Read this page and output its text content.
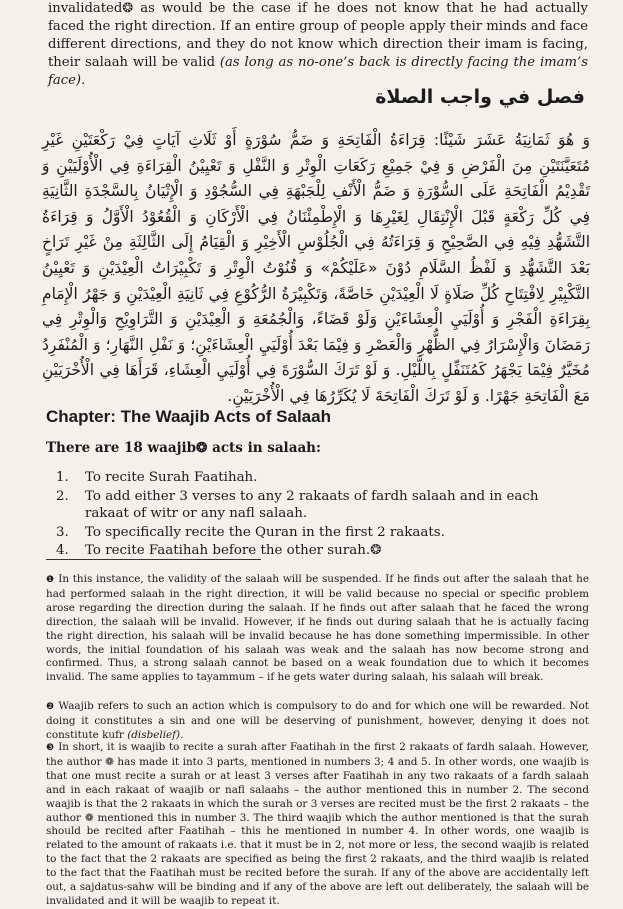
invalidated❂ as would be the case if he does not know that he had actually faced the right direction. If an entire group of people apply their minds and face different directions, and they do not know which direction their imam is facing, their salaah will be valid (as long as no-one’s back is directly facing the imam’s face).

فصل في واجب الصلاة
وَ هُوَ ثَمَانِيَةُ عَشَرَ شَيْئًا: قِرَاءَةُ الْفَاتِحَةِ وَ ضَمُّ سُوْرَةٍ أَوْ ثَلَاثِ آيَاتٍ فِيْ رَكْعَتَيْنِ غَيْرِ مُتَعَيَّنَتَيْنِ مِنَ الْفَرْضِ وَ فِيْ جَمِيْعِ رَكَعَاتِ الْوِتْرِ وَ النَّفْلِ وَ تَعْيِيْنُ الْقِرَاءَةِ فِي الْأُوْلَيَيْنِ وَ تَقْدِيْمُ الْفَاتِحَةِ عَلَى السُّوْرَةِ وَ ضَمُّ الْأَنْفِ لِلْجَبْهَةِ فِي السُّجُوْدِ وَ الْإِتْيَانُ بِالسَّجْدَةِ الثَّانِيَةِ فِي كُلِّ رَكْعَةٍ قَبْلَ الْإِنْتِقَالِ لِغَيْرِهَا وَ الْإِطْمِئْنَانُ فِي الْأَرْكَانِ وَ الْقُعُوْدُ الْأَوَّلُ وَ قِرَاءَةُ التَّشَهُّدِ فِيْهِ فِي الصَّحِيْحِ وَ قِرَاءَتُهُ فِي الْجُلُوْسِ الْأَخِيْرِ وَ الْقِيَامُ إِلَى الثَّالِثَةِ مِنْ غَيْرِ تَرَاخٍ بَعْدَ التَّشَهُّدِ وَ لَفْظُ السَّلَامِ دُوْنَ «عَلَيْكُمْ» وَ قُنُوْتُ الْوِتْرِ وَ تَكْبِيْرَاتُ الْعِيْدَيْنِ وَ تَعْيِيْنُ التَّكْبِيْرِ لِافْتِتَاحِ كُلِّ صَلَاةٍ لَا الْعِيْدَيْنِ خَاصَّةً، وَتَكْبِيْرَةُ الرُّكُوْعِ فِي ثَانِيَةِ الْعِيْدَيْنِ وَ جَهْرُ الْإِمَامِ بِقِرَاءَةِ الْفَجْرِ وَ أُوْلَيَيِ الْعِشَاءَيْنِ وَلَوْ قَضَاءً، وَالْجُمُعَةِ وَ الْعِيْدَيْنِ وَ التَّرَاوِيْحِ وَالْوِتْرِ فِي رَمَضَانَ وَالْإِسْرَارُ فِي الظُّهْرِ وَالْعَصْرِ وَ فِيْمَا بَعْدَ أُوْلَيَيِ الْعِشَاءَيْنِ؛ وَ نَفْلِ النَّهَارِ؛ وَ الْمُنْفَرِدُ مُخَيَّرٌ فِيْمَا يَجْهَرُ كَمُتَنَفِّلٍ بِاللَّيْلِ. وَ لَوْ تَرَكَ السُّوْرَةَ فِي أُوْلَيَيِ الْعِشَاءِ، قَرَأَهَا فِي الْأُخْرَيَيْنِ مَعَ الْفَاتِحَةِ جَهْرًا. وَ لَوْ تَرَكَ الْفَاتِحَةَ لَا يُكَرِّرُهَا فِي الْأُخْرَيَيْنِ.
Chapter: The Waajib Acts of Salaah
There are 18 waajib❂ acts in salaah:
1.	To recite Surah Faatihah.
2.	To add either 3 verses to any 2 rakaats of fardh salaah and in each rakaat of witr or any nafl salaah.
3.	To specifically recite the Quran in the first 2 rakaats.
4.	To recite Faatihah before the other surah.❂

❶ In this instance, the validity of the salaah will be suspended. If he finds out after the salaah that he had performed salaah in the right direction, it will be valid because no special or specific problem arose regarding the direction during the salaah. If he finds out after salaah that he faced the wrong direction, the salaah will be invalid. However, if he finds out during salaah that he is actually facing the right direction, his salaah will be invalid because he has done something impermissible. In other words, the initial foundation of his salaah was weak and the salaah has now become strong and confirmed. Thus, a strong salaah cannot be based on a weak foundation due to which it becomes invalid. The same applies to tayammum – if he gets water during salaah, his salaah will break.

❷ Waajib refers to such an action which is compulsory to do and for which one will be rewarded. Not doing it constitutes a sin and one will be deserving of punishment, however, denying it does not constitute kufr (disbelief).

❸ In short, it is waajib to recite a surah after Faatihah in the first 2 rakaats of fardh salaah. However, the author ❁ has made it into 3 parts, mentioned in numbers 3; 4 and 5. In other words, one waajib is that one must recite a surah or at least 3 verses after Faatihah in any two rakaats of a fardh salaah and in each rakaat of waajib or nafl salaahs – the author mentioned this in number 2. The second waajib is that the 2 rakaats in which the surah or 3 verses are recited must be the first 2 rakaats – the author ❁ mentioned this in number 3. The third waajib which the author mentioned is that the surah should be recited after Faatihah – this he mentioned in number 4. In other words, one waajib is related to the amount of rakaats i.e. that it must be in 2, not more or less, the second waajib is related to the fact that the 2 rakaats are specified as being the first 2 rakaats, and the third waajib is related to the fact that the Faatihah must be recited before the surah. If any of the above are accidentally left out, a sajdatus-sahw will be binding and if any of the above are left out deliberately, the salaah will be invalidated and it will be waajib to repeat it.
